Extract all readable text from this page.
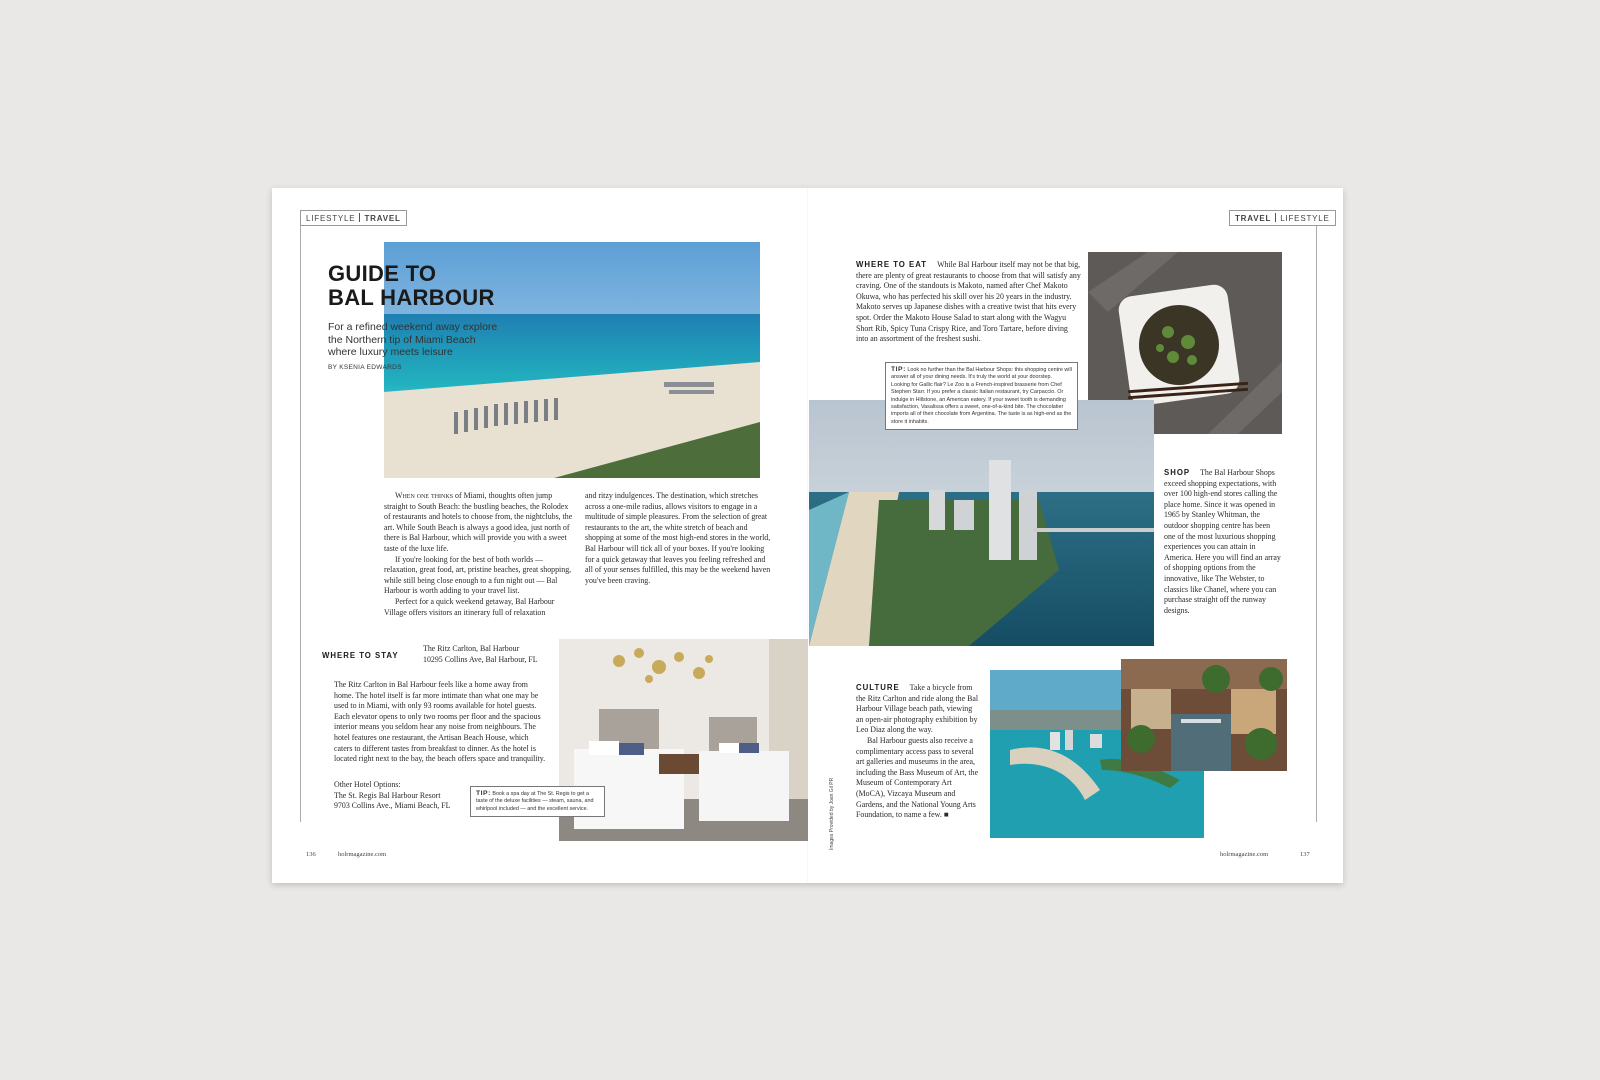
LIFESTYLE TRAVEL
GUIDE TO
BAL HARBOUR
For a refined weekend away explore the Northern tip of Miami Beach where luxury meets leisure
BY KSENIA EDWARDS

When one thinks of Miami, thoughts often jump straight to South Beach: the bustling beaches, the Rolodex of restaurants and hotels to choose from, the nightclubs, the art. While South Beach is always a good idea, just north of there is Bal Harbour, which will provide you with a sweet taste of the luxe life.

If you're looking for the best of both worlds — relaxation, great food, art, pristine beaches, great shopping, while still being close enough to a fun night out — Bal Harbour is worth adding to your travel list.

Perfect for a quick weekend getaway, Bal Harbour Village offers visitors an itinerary full of relaxation

and ritzy indulgences. The destination, which stretches across a one-mile radius, allows visitors to engage in a multitude of simple pleasures. From the selection of great restaurants to the art, the white stretch of beach and shopping at some of the most high-end stores in the world, Bal Harbour will tick all of your boxes. If you're looking for a quick getaway that leaves you feeling refreshed and all of your senses fulfilled, this may be the weekend haven you've been craving.

WHERE TO STAY
The Ritz Carlton, Bal Harbour
10295 Collins Ave, Bal Harbour, FL

The Ritz Carlton in Bal Harbour feels like a home away from home. The hotel itself is far more intimate than what one may be used to in Miami, with only 93 rooms available for hotel guests. Each elevator opens to only two rooms per floor and the spacious interior means you seldom hear any noise from neighbours. The hotel features one restaurant, the Artisan Beach House, which caters to different tastes from breakfast to dinner. As the hotel is located right next to the bay, the beach offers space and tranquility.

Other Hotel Options:
The St. Regis Bal Harbour Resort
9703 Collins Ave., Miami Beach, FL
TIP: Book a spa day at The St. Regis to get a taste of the deluxe facilities — steam, sauna, and whirlpool included — and the excellent service.
136	holrmagazine.com
TRAVEL LIFESTYLE

WHERE TO EAT While Bal Harbour itself may not be that big, there are plenty of great restaurants to choose from that will satisfy any craving. One of the standouts is Makoto, named after Chef Makoto Okuwa, who has perfected his skill over his 20 years in the industry. Makoto serves up Japanese dishes with a creative twist that hits every spot. Order the Makoto House Salad to start along with the Wagyu Short Rib, Spicy Tuna Crispy Rice, and Toro Tartare, before diving into an assortment of the freshest sushi.

TIP: Look no further than the Bal Harbour Shops: this shopping centre will answer all of your dining needs. It's truly the world at your doorstep. Looking for Gallic flair? Le Zoo is a French-inspired brasserie from Chef Stephen Starr. If you prefer a classic Italian restaurant, try Carpaccio. Or indulge in Hillstone, an American eatery. If your sweet tooth is demanding satisfaction, Vasalissa offers a sweet, one-of-a-kind bite. The chocolatier imports all of their chocolate from Argentina. The taste is as high-end as the store it inhabits.

SHOP The Bal Harbour Shops exceed shopping expectations, with over 100 high-end stores calling the place home. Since it was opened in 1965 by Stanley Whitman, the outdoor shopping centre has been one of the most luxurious shopping experiences you can attain in America. Here you will find an array of shopping options from the innovative, like The Webster, to classics like Chanel, where you can purchase straight off the runway designs.

CULTURE Take a bicycle from the Ritz Carlton and ride along the Bal Harbour Village beach path, viewing an open-air photography exhibition by Leo Diaz along the way.

Bal Harbour guests also receive a complimentary access pass to several art galleries and museums in the area, including the Bass Museum of Art, the Museum of Contemporary Art (MoCA), Vizcaya Museum and Gardens, and the National Young Arts Foundation, to name a few. ■

Images Provided by Joan Gil PR
holrmagazine.com	137
